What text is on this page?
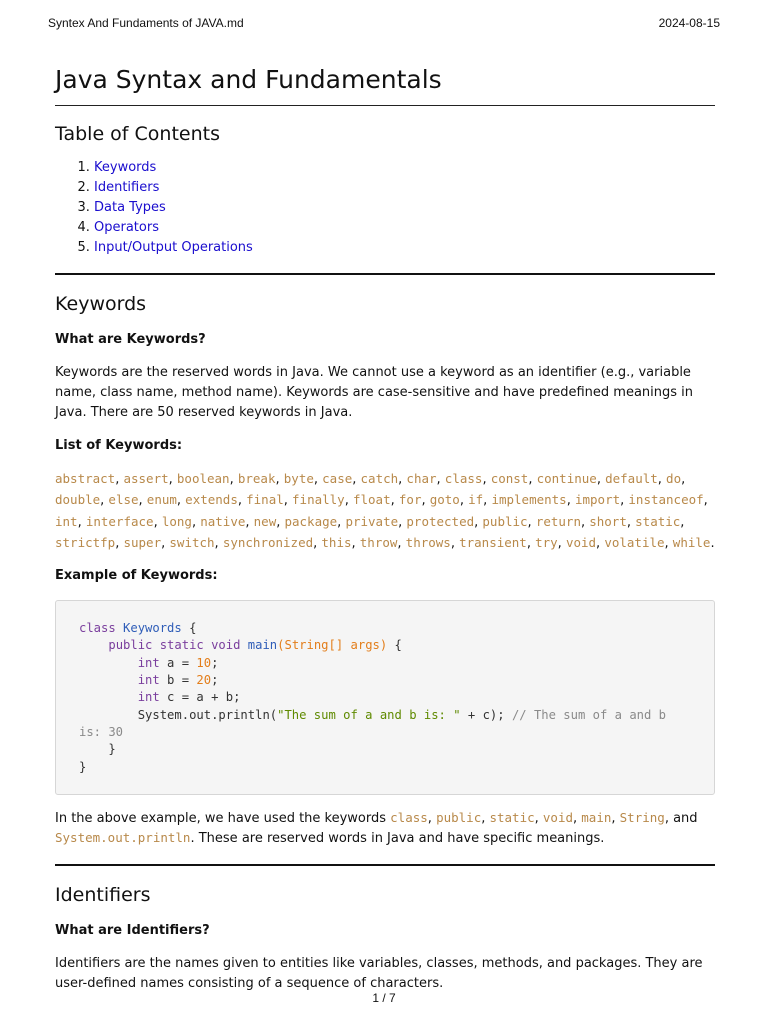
Syntex And Fundaments of JAVA.md	2024-08-15
Java Syntax and Fundamentals
Table of Contents
1. Keywords
2. Identifiers
3. Data Types
4. Operators
5. Input/Output Operations
Keywords
What are Keywords?

Keywords are the reserved words in Java. We cannot use a keyword as an identifier (e.g., variable name, class name, method name). Keywords are case-sensitive and have predefined meanings in Java. There are 50 reserved keywords in Java.

List of Keywords:

abstract, assert, boolean, break, byte, case, catch, char, class, const, continue, default, do, double, else, enum, extends, final, finally, float, for, goto, if, implements, import, instanceof, int, interface, long, native, new, package, private, protected, public, return, short, static, strictfp, super, switch, synchronized, this, throw, throws, transient, try, void, volatile, while.

Example of Keywords:
class Keywords {
public static void main(String[] args) {
int a = 10;
int b = 20;
int c = a + b;
System.out.println("The sum of a and b is: " + c); // The sum of a and b is: 30
}
}

In the above example, we have used the keywords class, public, static, void, main, String, and
System.out.println. These are reserved words in Java and have specific meanings.

Identifiers
What are Identifiers?

Identifiers are the names given to entities like variables, classes, methods, and packages. They are user-defined names consisting of a sequence of characters.

1 / 7
